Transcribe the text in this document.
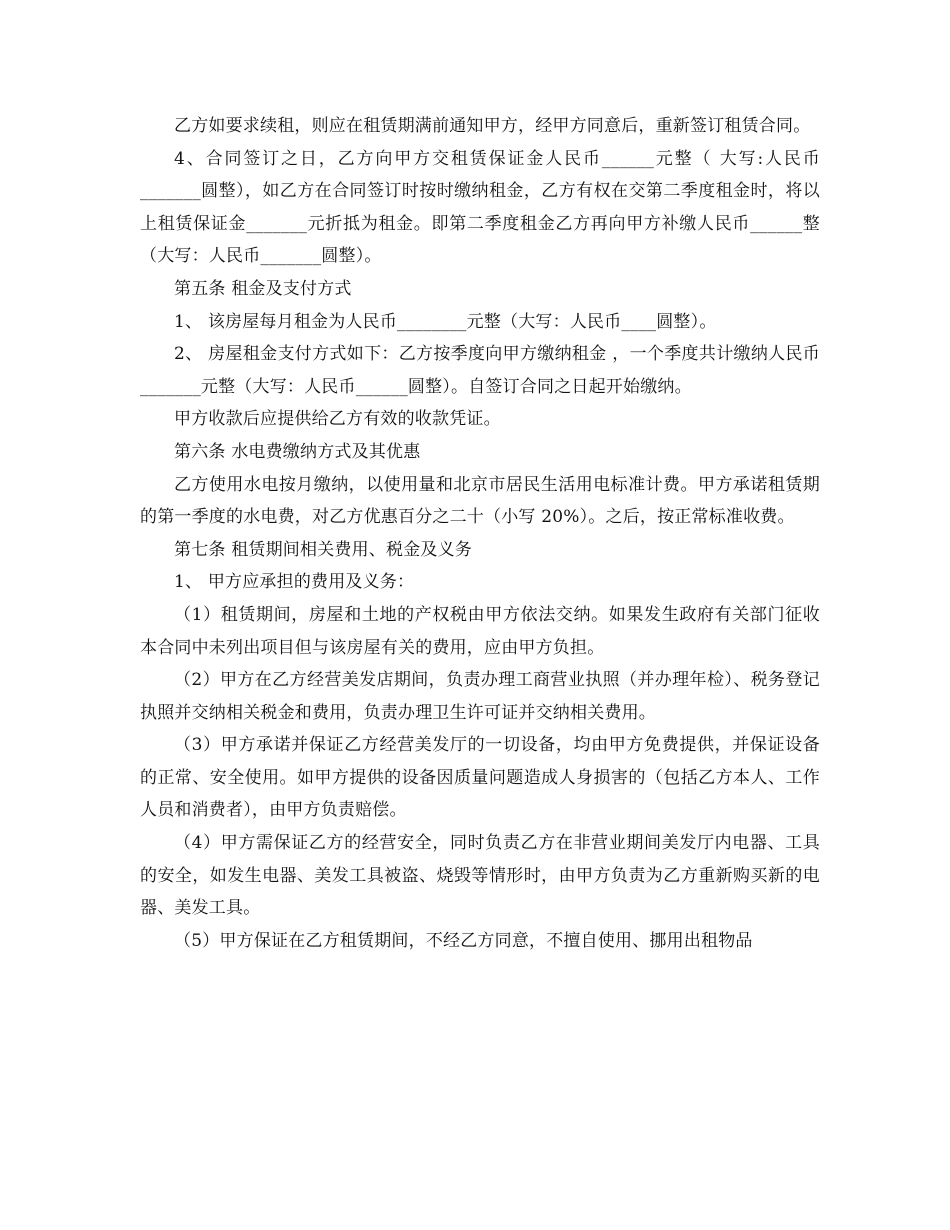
乙方如要求续租，则应在租赁期满前通知甲方，经甲方同意后，重新签订租赁合同。

4、合同签订之日，乙方向甲方交租赁保证金人民币______元整（ 大写:人民币_______圆整），如乙方在合同签订时按时缴纳租金，乙方有权在交第二季度租金时，将以上租赁保证金_______元折抵为租金。即第二季度租金乙方再向甲方补缴人民币______整（大写：人民币_______圆整）。

第五条 租金及支付方式

1、 该房屋每月租金为人民币________元整（大写：人民币____圆整）。

2、 房屋租金支付方式如下：乙方按季度向甲方缴纳租金 ，一个季度共计缴纳人民币_______元整（大写：人民币______圆整）。自签订合同之日起开始缴纳。

甲方收款后应提供给乙方有效的收款凭证。

第六条 水电费缴纳方式及其优惠

乙方使用水电按月缴纳，以使用量和北京市居民生活用电标准计费。甲方承诺租赁期的第一季度的水电费，对乙方优惠百分之二十（小写 20%）。之后，按正常标准收费。

第七条 租赁期间相关费用、税金及义务

1、 甲方应承担的费用及义务：

（1）租赁期间，房屋和土地的产权税由甲方依法交纳。如果发生政府有关部门征收本合同中未列出项目但与该房屋有关的费用，应由甲方负担。

（2）甲方在乙方经营美发店期间，负责办理工商营业执照（并办理年检）、税务登记执照并交纳相关税金和费用，负责办理卫生许可证并交纳相关费用。

（3）甲方承诺并保证乙方经营美发厅的一切设备，均由甲方免费提供，并保证设备的正常、安全使用。如甲方提供的设备因质量问题造成人身损害的（包括乙方本人、工作人员和消费者），由甲方负责赔偿。

（4）甲方需保证乙方的经营安全，同时负责乙方在非营业期间美发厅内电器、工具的安全，如发生电器、美发工具被盗、烧毁等情形时，由甲方负责为乙方重新购买新的电器、美发工具。

（5）甲方保证在乙方租赁期间，不经乙方同意，不擅自使用、挪用出租物品
